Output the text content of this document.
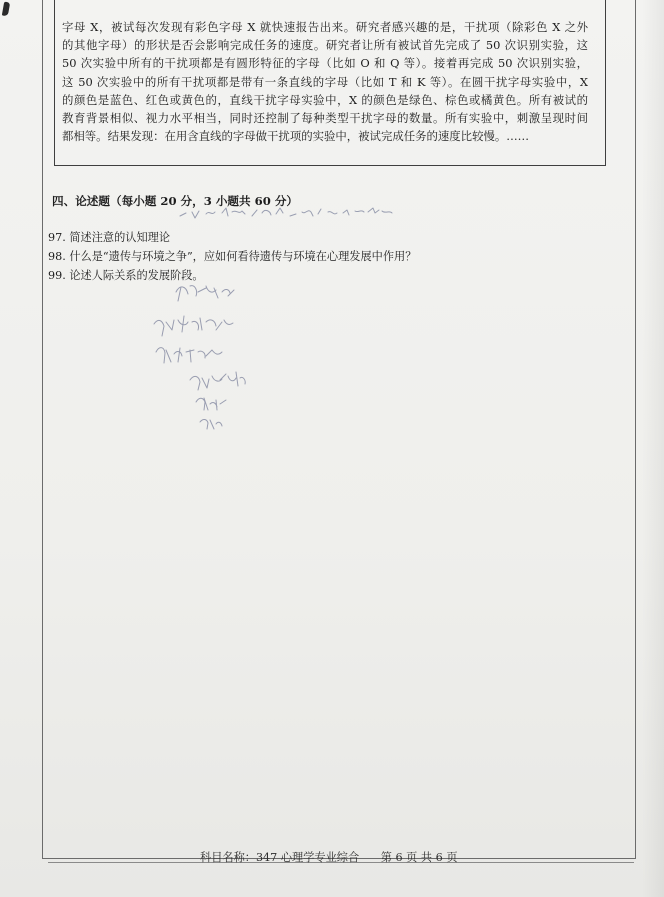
字母 X，被试每次发现有彩色字母 X 就快速报告出来。研究者感兴趣的是，干扰项（除彩色 X 之外
的其他字母）的形状是否会影响完成任务的速度。研究者让所有被试首先完成了 50 次识别实验，这
50 次实验中所有的干扰项都是有圆形特征的字母（比如 O 和 Q 等）。接着再完成 50 次识别实验，
这 50 次实验中的所有干扰项都是带有一条直线的字母（比如 T 和 K 等）。在圆干扰字母实验中，X
的颜色是蓝色、红色或黄色的，直线干扰字母实验中，X 的颜色是绿色、棕色或橘黄色。所有被试的
教育背景相似、视力水平相当，同时还控制了每种类型干扰字母的数量。所有实验中，刺激呈现时间
都相等。结果发现：在用含直线的字母做干扰项的实验中，被试完成任务的速度比较慢。……
四、论述题（每小题 20 分，3 小题共 60 分）
97. 简述注意的认知理论
98. 什么是“遗传与环境之争”，应如何看待遗传与环境在心理发展中作用？
99. 论述人际关系的发展阶段。
科目名称：347 心理学专业综合 第 6 页 共 6 页
